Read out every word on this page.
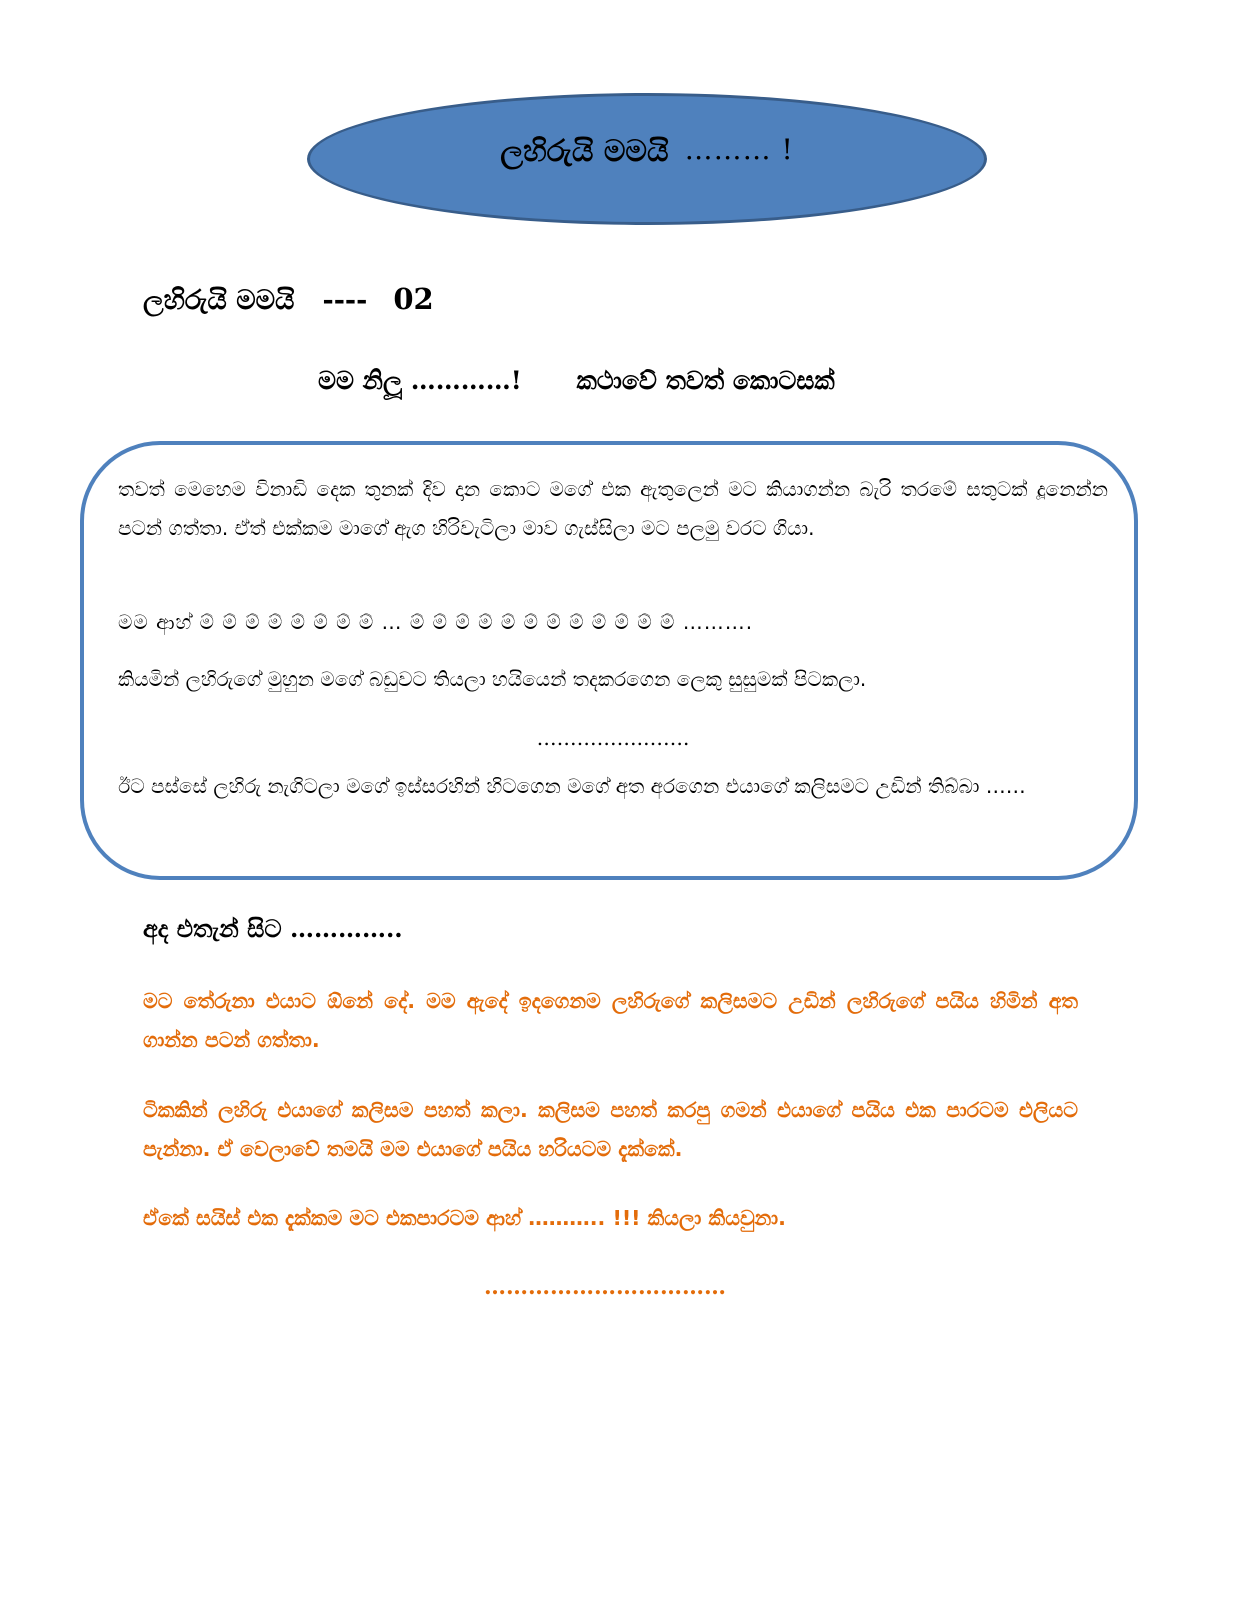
ලහිරුයි මමයි ……… !
ලහිරුයි මමයි ---- 02
මම නිලූ …………! කථාවේ තවත් කොටසක්
තවත් මෙහෙම විනාඩි දෙක තුනක් දිව දාන කොට මගේ එක ඇතුලෙන් මට කියාගන්න බැරි තරමේ සතුටක් දූනෙන්න පටන් ගත්තා. ඒත් එක්කම මාගේ ඇග හිරිවැටිලා මාව ගැස්සිලා මට පලමු වරට ගියා.
මම ආහ් ම් ම් ම් ම් ම් ම් ම් ම් … ම් ම් ම් ම් ම් ම් ම් ම් ම් ම් ම් ම් ……….
කියමින් ලහිරුගේ මුහුන මගේ බඩුවට තියලා හයියෙන් තදකරගෙන ලෙකු සුසුමක් පිටකලා.
…………….…….
ඊට පස්සේ ලහිරු නැගිටලා මගේ ඉස්සරහින් හිටගෙන මගේ අත අරගෙන එයාගේ කලිසමට උඩින් තිබ්බා ……
අද එතැන් සිට …………..
මට තේරුනා එයාට ඕනේ දේ. මම ඇදේ ඉදගෙනම ලහිරුගේ කලිසමට උඩින් ලහිරුගේ පයිය හිමින් අත ගාන්න පටන් ගත්තා.
ටිකකින් ලහිරු එයාගේ කලිසම පහත් කලා. කලිසම පහත් කරපු ගමන් එයාගේ පයිය එක පාරටම එලියට පැන්නා. ඒ වෙලාවේ තමයි මම එයාගේ පයිය හරියටම දැක්කේ.
ඒකේ සයිස් එක දැක්කම මට එකපාරටම ආහ් ……….. !!! කියලා කියවුනා.
……………………………
